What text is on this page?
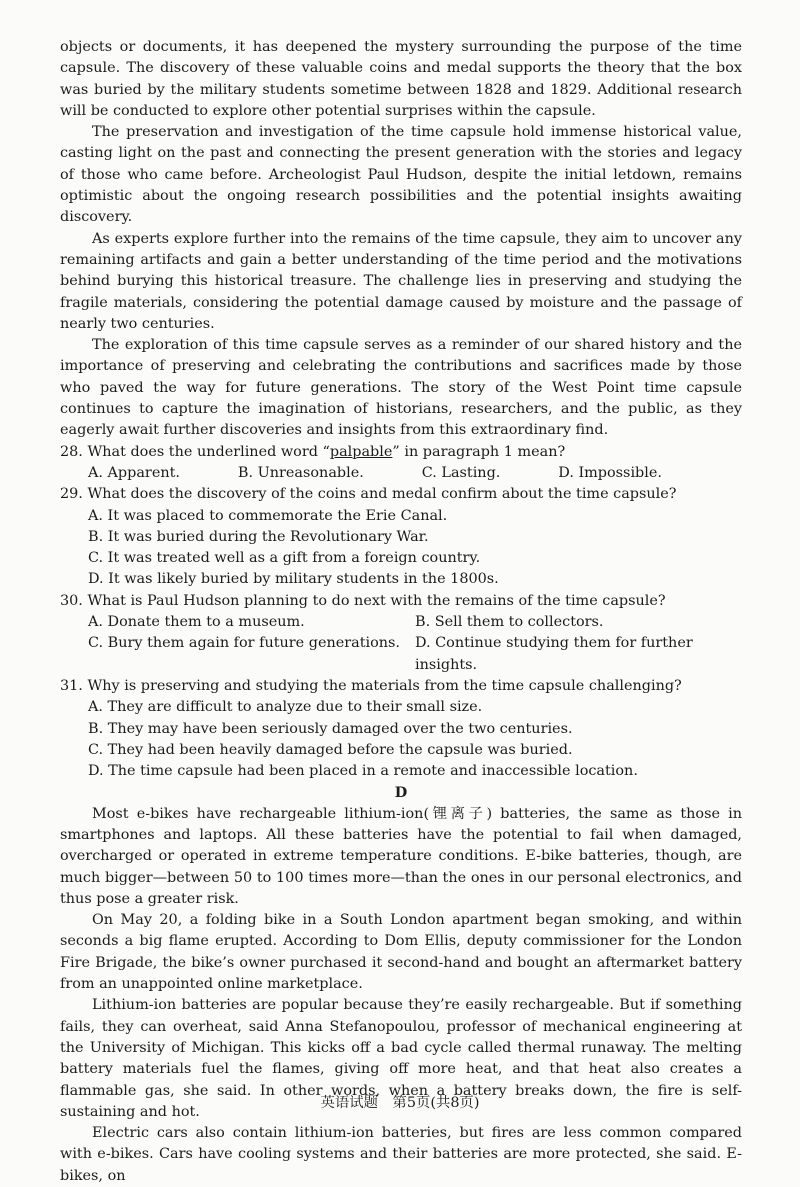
objects or documents, it has deepened the mystery surrounding the purpose of the time capsule. The discovery of these valuable coins and medal supports the theory that the box was buried by the military students sometime between 1828 and 1829. Additional research will be conducted to explore other potential surprises within the capsule.

The preservation and investigation of the time capsule hold immense historical value, casting light on the past and connecting the present generation with the stories and legacy of those who came before. Archeologist Paul Hudson, despite the initial letdown, remains optimistic about the ongoing research possibilities and the potential insights awaiting discovery.

As experts explore further into the remains of the time capsule, they aim to uncover any remaining artifacts and gain a better understanding of the time period and the motivations behind burying this historical treasure. The challenge lies in preserving and studying the fragile materials, considering the potential damage caused by moisture and the passage of nearly two centuries.

The exploration of this time capsule serves as a reminder of our shared history and the importance of preserving and celebrating the contributions and sacrifices made by those who paved the way for future generations. The story of the West Point time capsule continues to capture the imagination of historians, researchers, and the public, as they eagerly await further discoveries and insights from this extraordinary find.

28. What does the underlined word “palpable” in paragraph 1 mean?

A. Apparent.	B. Unreasonable.	C. Lasting.	D. Impossible.

29. What does the discovery of the coins and medal confirm about the time capsule?

A. It was placed to commemorate the Erie Canal.
B. It was buried during the Revolutionary War.
C. It was treated well as a gift from a foreign country.
D. It was likely buried by military students in the 1800s.

30. What is Paul Hudson planning to do next with the remains of the time capsule?

A. Donate them to a museum.	B. Sell them to collectors.
C. Bury them again for future generations.	D. Continue studying them for further insights.

31. Why is preserving and studying the materials from the time capsule challenging?

A. They are difficult to analyze due to their small size.
B. They may have been seriously damaged over the two centuries.
C. They had been heavily damaged before the capsule was buried.
D. The time capsule had been placed in a remote and inaccessible location.

D

Most e-bikes have rechargeable lithium-ion(锂离子) batteries, the same as those in smartphones and laptops. All these batteries have the potential to fail when damaged, overcharged or operated in extreme temperature conditions. E-bike batteries, though, are much bigger—between 50 to 100 times more—than the ones in our personal electronics, and thus pose a greater risk.

On May 20, a folding bike in a South London apartment began smoking, and within seconds a big flame erupted. According to Dom Ellis, deputy commissioner for the London Fire Brigade, the bike’s owner purchased it second-hand and bought an aftermarket battery from an unappointed online marketplace.

Lithium-ion batteries are popular because they’re easily rechargeable. But if something fails, they can overheat, said Anna Stefanopoulou, professor of mechanical engineering at the University of Michigan. This kicks off a bad cycle called thermal runaway. The melting battery materials fuel the flames, giving off more heat, and that heat also creates a flammable gas, she said. In other words, when a battery breaks down, the fire is self-sustaining and hot.

Electric cars also contain lithium-ion batteries, but fires are less common compared with e-bikes. Cars have cooling systems and their batteries are more protected, she said. E-bikes, on

英语试题　第5页(共8页)
